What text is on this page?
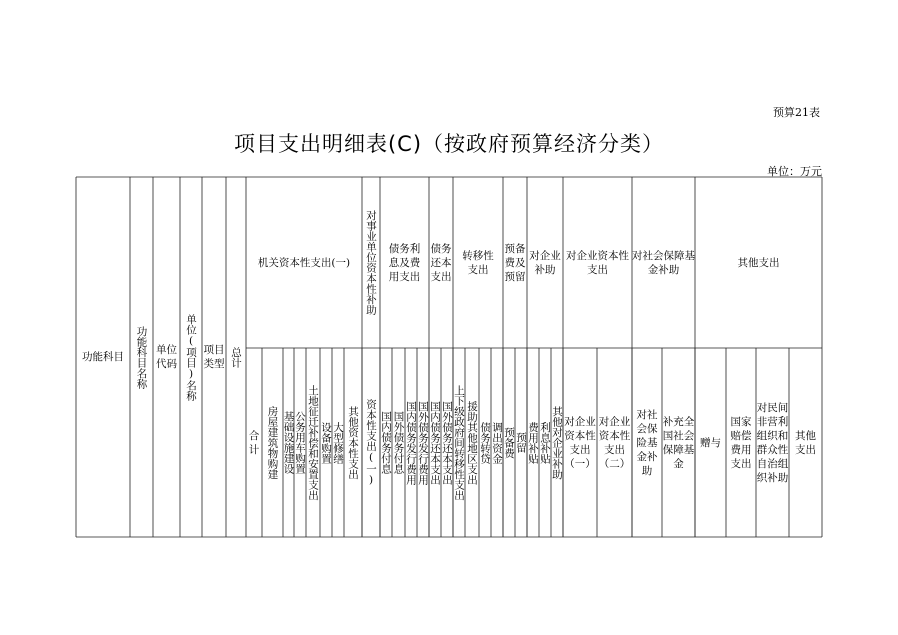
预算21表
项目支出明细表(C)（按政府预算经济分类）
单位：万元
功能科目 功能科目名称 单位代码 单位(项目)名称 项目类型 总计
机关资本性支出(一) 对事业单位资本性补助 债务利息及费用支出
债务还本支出
转移性支出
预备费及预留
对企业补助
对企业资本性支出
对社会保障基金补助
其他支出
合计 房屋建筑物购建 基础设施建设 公务用车购置 土地征迁补偿和安置支出 设备购置 大型修缮 其他资本性支出 资本性支出(一) 国内债务付息 国外债务付息 国内债务发行费用 国外债务发行费用 国内债务还本支出 国外债务还本支出 上下级政府间转移性支出 援助其他地区支出 债务转贷 调出资金 预备费 预留 费用补贴 利息补贴 其他对企业补助 对企业资本性支出（一）
对企业资本性支出（二）
对社会保险基金补助
补充全国社会保障基金
赠与
国家赔偿费用支出
对民间非营利组织和群众性自治组织补助
其他支出
